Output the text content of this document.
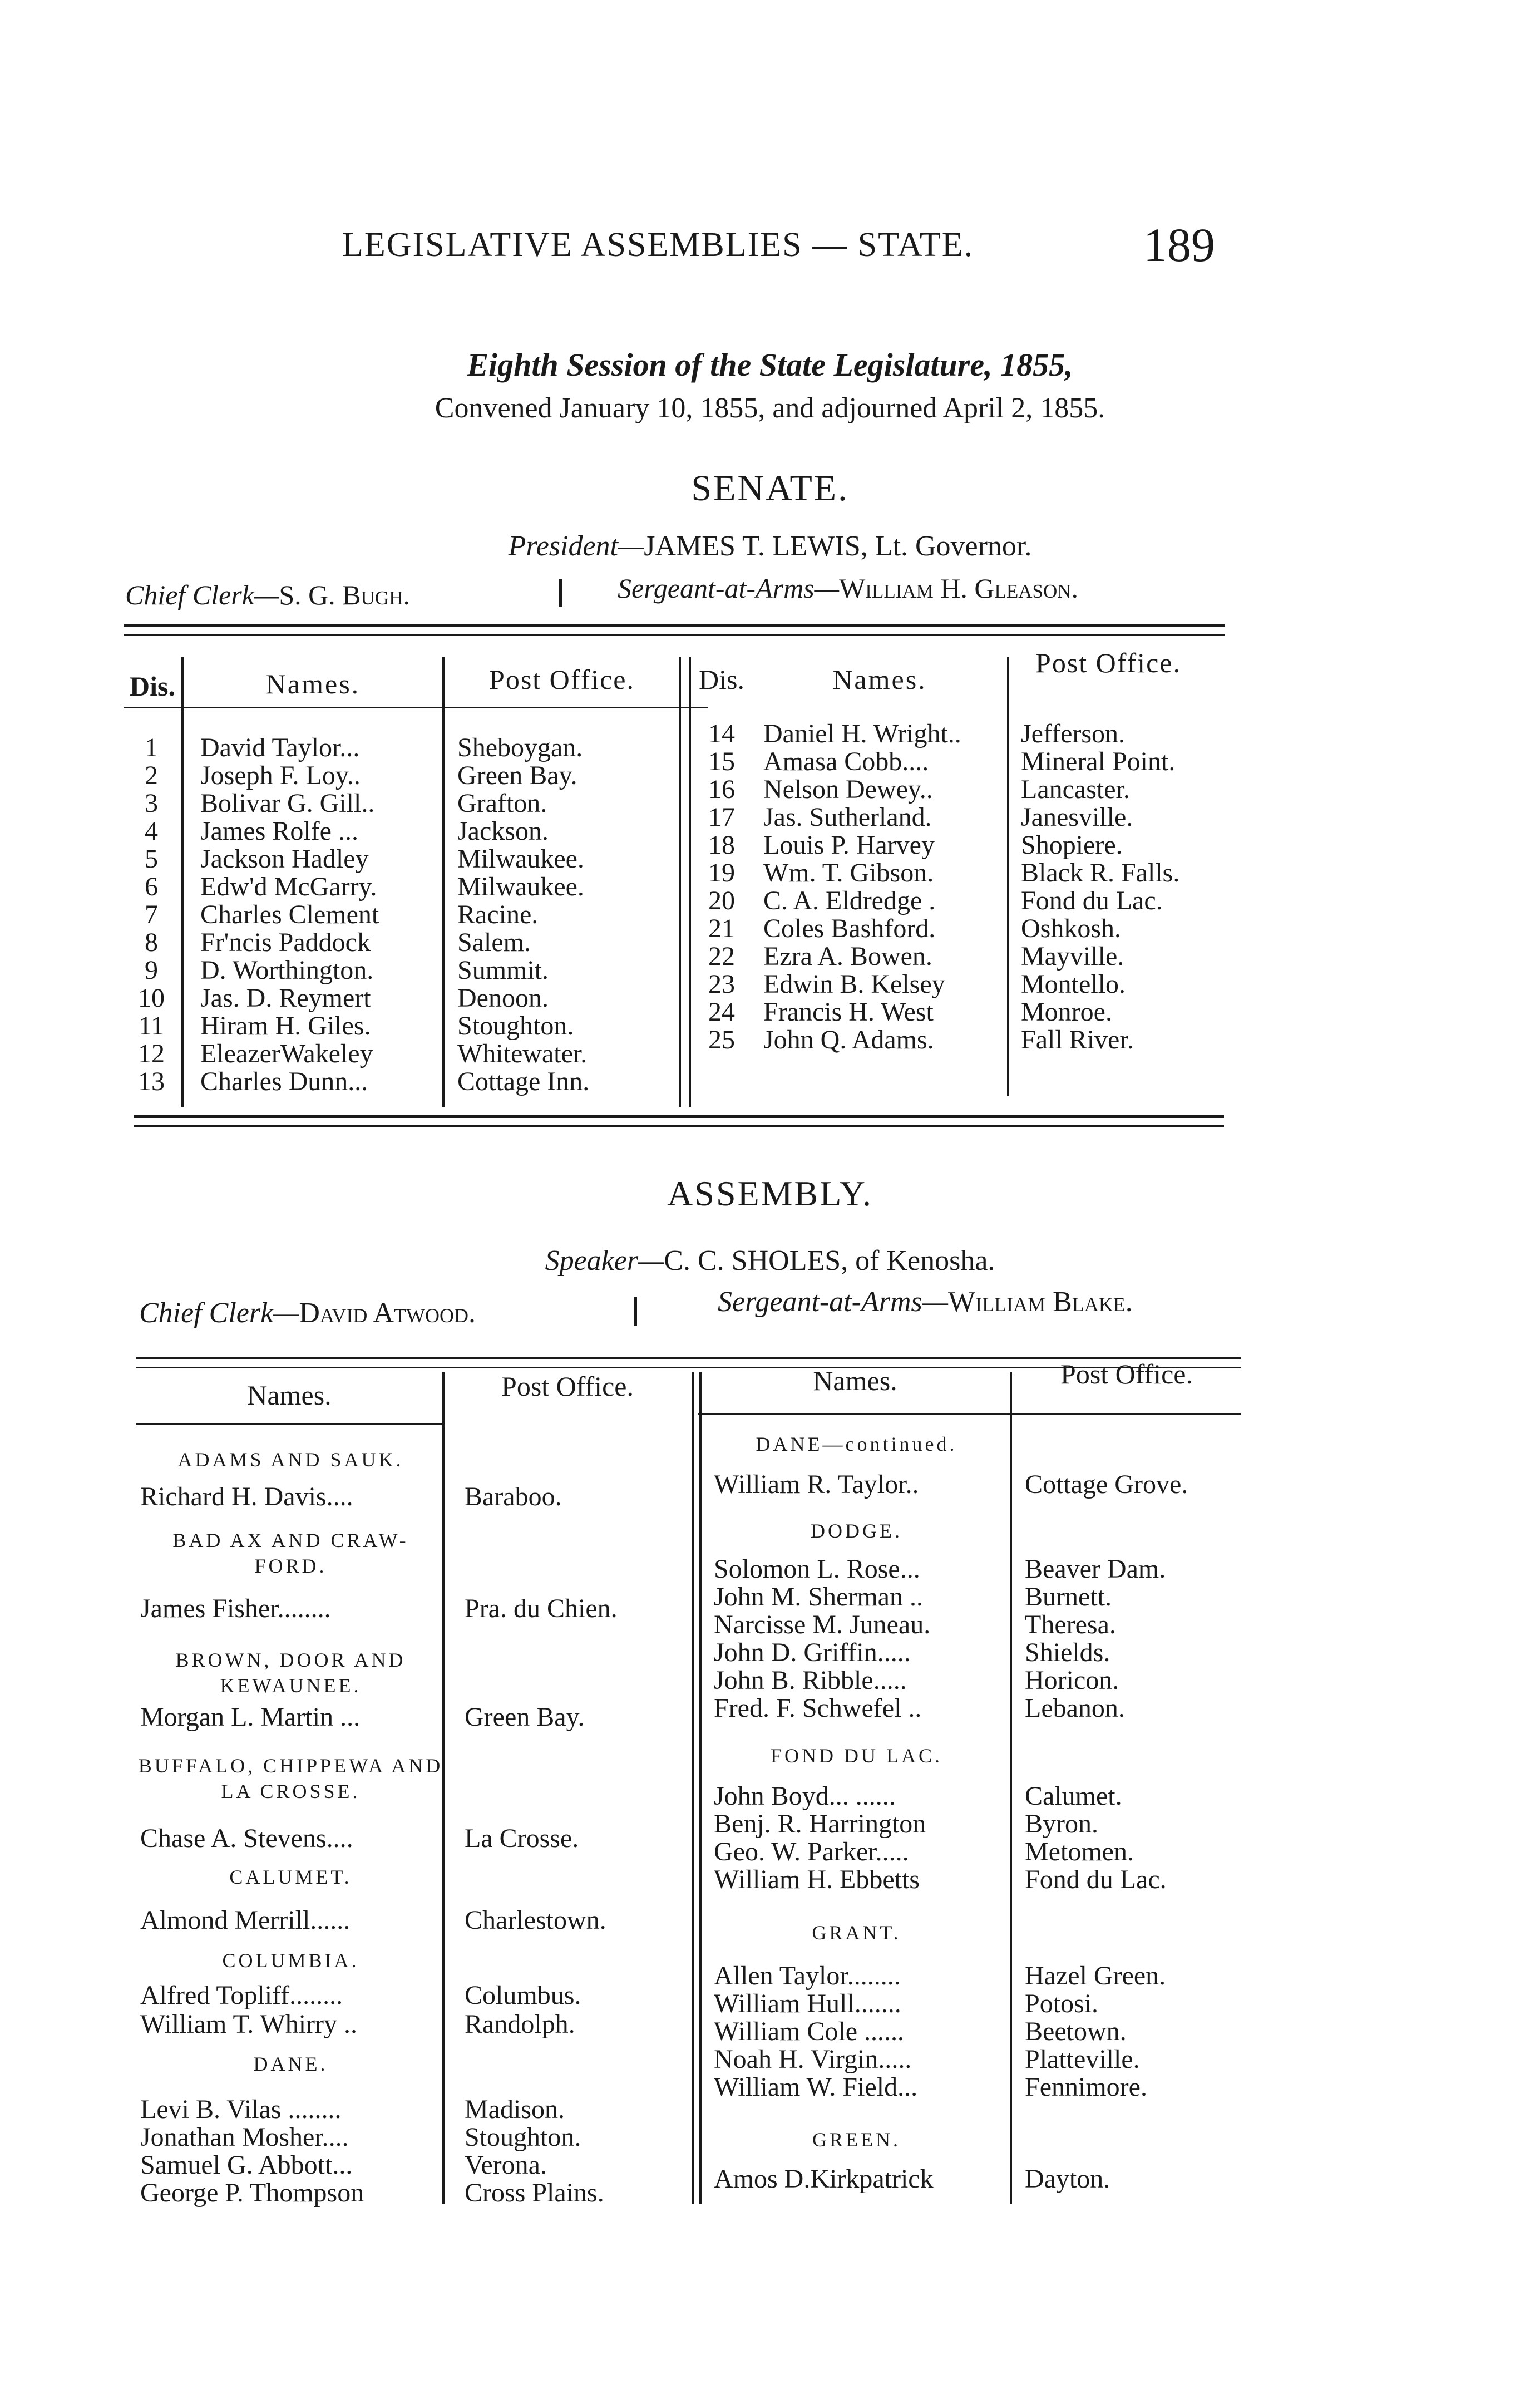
LEGISLATIVE ASSEMBLIES — STATE.	189
Eighth Session of the State Legislature, 1855,
Convened January 10, 1855, and adjourned April 2, 1855.
SENATE.
President—JAMES T. LEWIS, Lt. Governor.
Chief Clerk—S. G. Bugh.	Sergeant-at-Arms—William H. Gleason.
Dis.	Names.	Post Office.	Dis.	Names.
Post Office.
1	David Taylor...	Sheboygan.
2	Joseph F. Loy..	Green Bay.
3	Bolivar G. Gill..	Grafton.
4	James Rolfe ...	Jackson.
5	Jackson Hadley	Milwaukee.
6	Edw'd McGarry.	Milwaukee.
7	Charles Clement	Racine.
8	Fr'ncis Paddock	Salem.
9	D. Worthington.	Summit.
10	Jas. D. Reymert	Denoon.
11	Hiram H. Giles.	Stoughton.
12	EleazerWakeley	Whitewater.
13	Charles Dunn...	Cottage Inn.
14	Daniel H. Wright.. Jefferson.
15	Amasa Cobb....	Mineral Point.
16	Nelson Dewey..	Lancaster.
17	Jas. Sutherland.	Janesville.
18	Louis P. Harvey	Shopiere.
19	Wm. T. Gibson.	Black R. Falls.
20	C. A. Eldredge .	Fond du Lac.
21	Coles Bashford.	Oshkosh.
22	Ezra A. Bowen.	Mayville.
23	Edwin B. Kelsey	Montello.
24	Francis H. West	Monroe.
25	John Q. Adams.	Fall River.
ASSEMBLY.
Speaker—C. C. SHOLES, of Kenosha.
Chief Clerk—David Atwood.	Sergeant-at-Arms—William Blake.
Names.	Post Office.	Names.	Post Office.
ADAMS AND SAUK.
Richard H. Davis....	Baraboo.
BAD AX AND CRAW- FORD.
James Fisher........	Pra. du Chien.
BROWN, DOOR AND KEWAUNEE.
Morgan L. Martin ...	Green Bay.
BUFFALO, CHIPPEWA AND LA CROSSE.
Chase A. Stevens....	La Crosse.
CALUMET.
Almond Merrill......	Charlestown.
COLUMBIA.
Alfred Topliff........	Columbus.
William T. Whirry ..	Randolph.
DANE.
Levi B. Vilas ........	Madison.
Jonathan Mosher....	Stoughton.
Samuel G. Abbott...	Verona.
George P. Thompson	Cross Plains.
DANE—continued.
William R. Taylor..	Cottage Grove.
DODGE.
Solomon L. Rose...	Beaver Dam.
John M. Sherman ..	Burnett.
Narcisse M. Juneau.	Theresa.
John D. Griffin.....	Shields.
John B. Ribble.....	Horicon.
Fred. F. Schwefel ..	Lebanon.
FOND DU LAC.
John Boyd... ......	Calumet.
Benj. R. Harrington	Byron.
Geo. W. Parker.....	Metomen.
William H. Ebbetts	Fond du Lac.
GRANT.
Allen Taylor........	Hazel Green.
William Hull.......	Potosi.
William Cole ......	Beetown.
Noah H. Virgin.....	Platteville.
William W. Field...	Fennimore.
GREEN.
Amos D.Kirkpatrick	Dayton.
